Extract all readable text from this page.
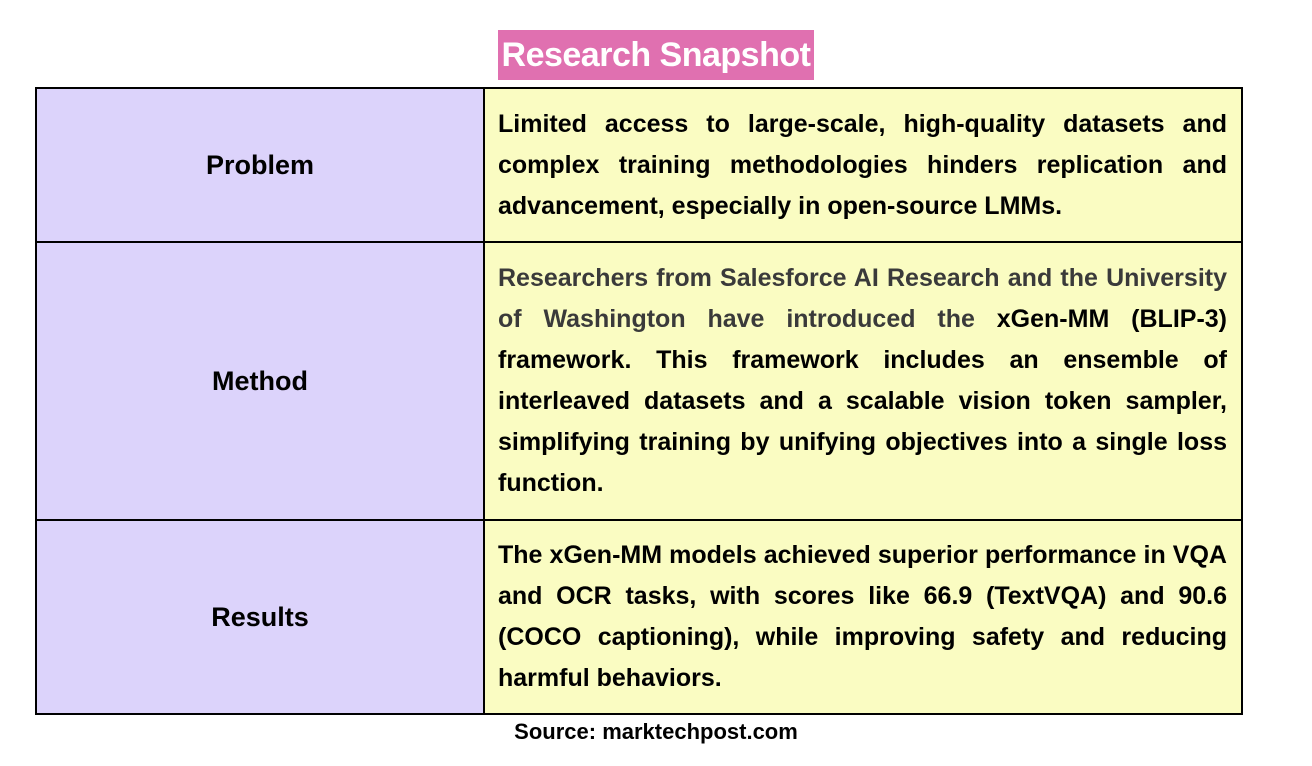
Research Snapshot
Problem	Limited access to large-scale, high-quality datasets and complex training methodologies hinders replication and advancement, especially in open-source LMMs.
Method	Researchers from Salesforce AI Research and the University of Washington have introduced the xGen-MM (BLIP-3) framework. This framework includes an ensemble of interleaved datasets and a scalable vision token sampler, simplifying training by unifying objectives into a single loss function.
Results	The xGen-MM models achieved superior performance in VQA and OCR tasks, with scores like 66.9 (TextVQA) and 90.6 (COCO captioning), while improving safety and reducing harmful behaviors.
Source: marktechpost.com
